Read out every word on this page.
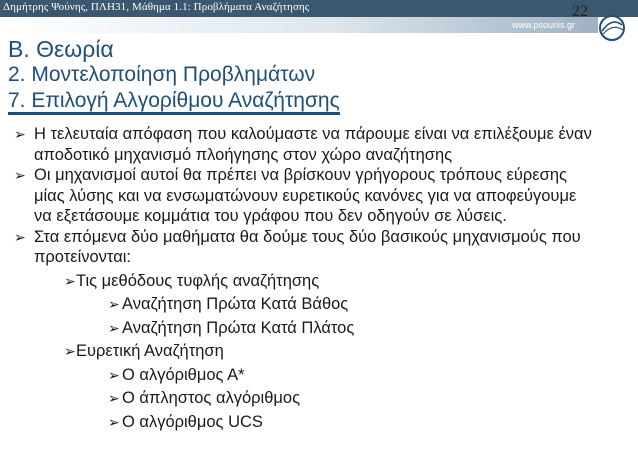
Δημήτρης Ψούνης, ΠΛΗ31, Μάθημα 1.1: Προβλήματα Αναζήτησης	22
www.psounis.gr
Β. Θεωρία
2. Μοντελοποίηση Προβλημάτων
7. Επιλογή Αλγορίθμου Αναζήτησης
➢ Η τελευταία απόφαση που καλούμαστε να πάρουμε είναι να επιλέξουμε έναν
αποδοτικό μηχανισμό πλοήγησης στον χώρο αναζήτησης
➢ Οι μηχανισμοί αυτοί θα πρέπει να βρίσκουν γρήγορους τρόπους εύρεσης
μίας λύσης και να ενσωματώνουν ευρετικούς κανόνες για να αποφεύγουμε
να εξετάσουμε κομμάτια του γράφου που δεν οδηγούν σε λύσεις.
➢ Στα επόμενα δύο μαθήματα θα δούμε τους δύο βασικούς μηχανισμούς που
προτείνονται:
➢ Τις μεθόδους τυφλής αναζήτησης
➢ Αναζήτηση Πρώτα Κατά Βάθος
➢ Αναζήτηση Πρώτα Κατά Πλάτος
➢ Ευρετική Αναζήτηση
➢ Ο αλγόριθμος Α*
➢ Ο άπληστος αλγόριθμος
➢ Ο αλγόριθμος UCS
